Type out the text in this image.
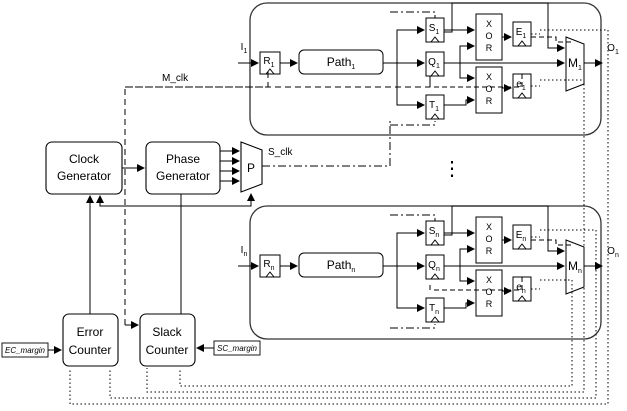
Clock
Generator
Phase
Generator
P
Error
Counter
Slack
Counter
EC_margin	SC_margin
M_clk
S_clk
⋮
$I_1$
$R_1$	Path$_1$
$S_1$
$Q_1$
$T_1$
X
O
R
X
O
R
$E_1$
$e_1$
$M_1$
$O_1$
$I_n$
$R_n$	Path$_n$
$S_n$
$Q_n$
$T_n$
X
O
R
X
O
R
$E_n$
$e_n$
$M_n$
$O_n$
